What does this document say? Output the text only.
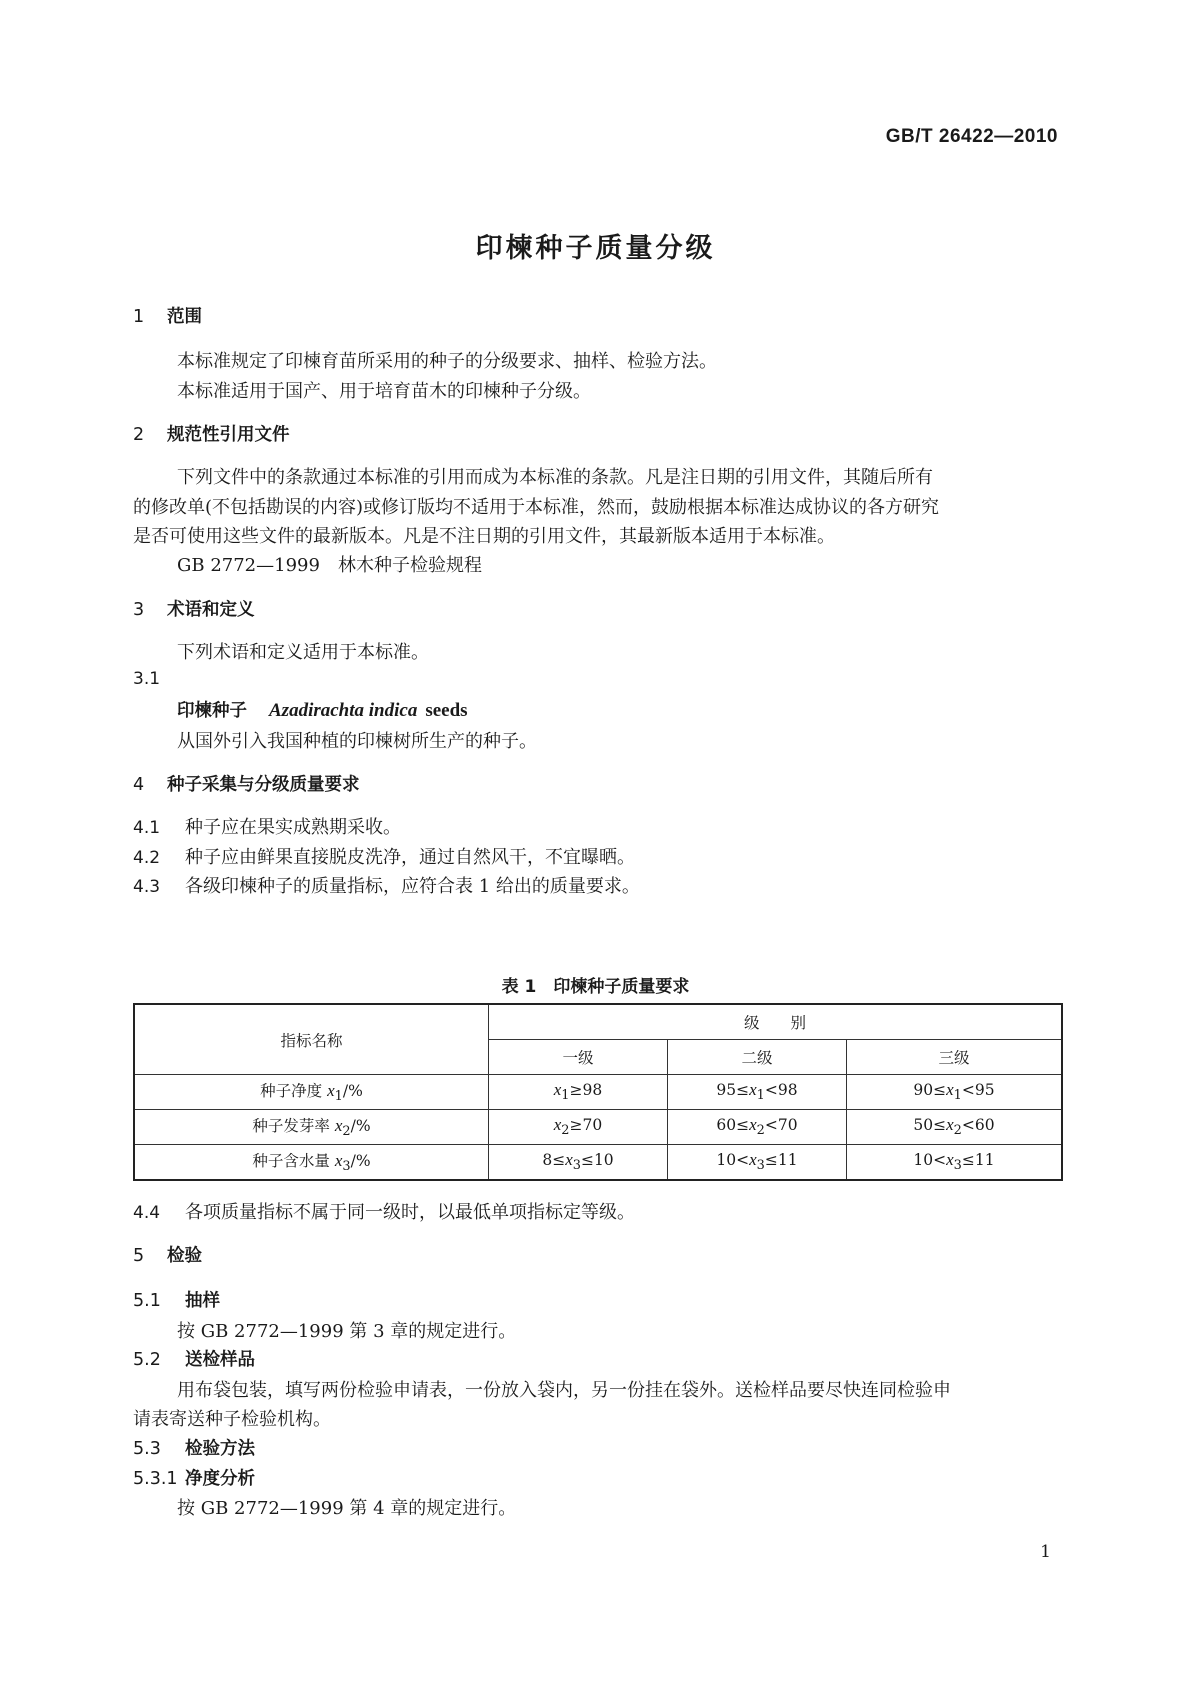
GB/T 26422—2010
印楝种子质量分级
1 范围
本标准规定了印楝育苗所采用的种子的分级要求、抽样、检验方法。
本标准适用于国产、用于培育苗木的印楝种子分级。
2 规范性引用文件
下列文件中的条款通过本标准的引用而成为本标准的条款。凡是注日期的引用文件，其随后所有
的修改单(不包括勘误的内容)或修订版均不适用于本标准，然而，鼓励根据本标准达成协议的各方研究
是否可使用这些文件的最新版本。凡是不注日期的引用文件，其最新版本适用于本标准。
GB 2772—1999　林木种子检验规程
3 术语和定义
下列术语和定义适用于本标准。
3.1
印楝种子 Azadirachta indica seeds
从国外引入我国种植的印楝树所生产的种子。
4 种子采集与分级质量要求
4.1 种子应在果实成熟期采收。
4.2 种子应由鲜果直接脱皮洗净，通过自然风干，不宜曝晒。
4.3 各级印楝种子的质量指标，应符合表 1 给出的质量要求。
表 1　印楝种子质量要求
指标名称	级　　别		
	一级	二级	三级
种子净度 $x_1/\%$	$x_1\ge 98$	$95\le x_1<98$	$90\le x_1<95$
种子发芽率 $x_2/\%$	$x_2\ge 70$	$60\le x_2<70$	$50\le x_2<60$
种子含水量 $x_3/\%$	$8\le x_3\le 10$	$10<x_3\le 11$	$10<x_3\le 11$
4.4 各项质量指标不属于同一级时，以最低单项指标定等级。
5 检验
5.1 抽样
按 GB 2772—1999 第 3 章的规定进行。
5.2 送检样品
用布袋包装，填写两份检验申请表，一份放入袋内，另一份挂在袋外。送检样品要尽快连同检验申
请表寄送种子检验机构。
5.3 检验方法
5.3.1 净度分析
按 GB 2772—1999 第 4 章的规定进行。
1
